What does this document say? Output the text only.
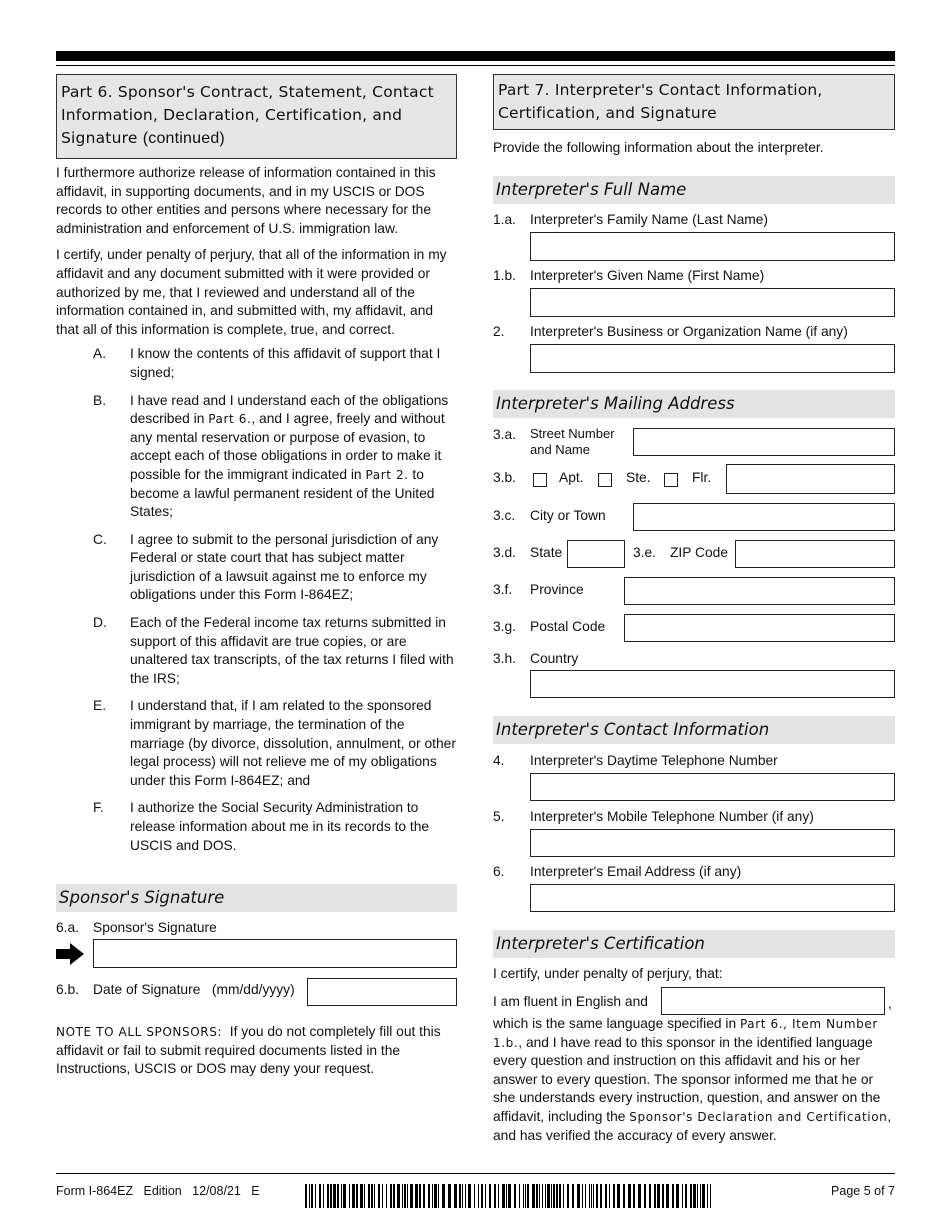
Part 6. Sponsor's Contract, Statement, Contact Information, Declaration, Certification, and Signature (continued)

I furthermore authorize release of information contained in this affidavit, in supporting documents, and in my USCIS or DOS records to other entities and persons where necessary for the administration and enforcement of U.S. immigration law.

I certify, under penalty of perjury, that all of the information in my affidavit and any document submitted with it were provided or authorized by me, that I reviewed and understand all of the information contained in, and submitted with, my affidavit, and that all of this information is complete, true, and correct.

A. I know the contents of this affidavit of support that I signed;
B. I have read and I understand each of the obligations described in Part 6., and I agree, freely and without any mental reservation or purpose of evasion, to accept each of those obligations in order to make it possible for the immigrant indicated in Part 2. to become a lawful permanent resident of the United States;
C. I agree to submit to the personal jurisdiction of any Federal or state court that has subject matter jurisdiction of a lawsuit against me to enforce my obligations under this Form I-864EZ;
D. Each of the Federal income tax returns submitted in support of this affidavit are true copies, or are unaltered tax transcripts, of the tax returns I filed with the IRS;
E. I understand that, if I am related to the sponsored immigrant by marriage, the termination of the marriage (by divorce, dissolution, annulment, or other legal process) will not relieve me of my obligations under this Form I-864EZ; and
F. I authorize the Social Security Administration to release information about me in its records to the USCIS and DOS.
Sponsor's Signature
6.a. Sponsor's Signature
6.b. Date of Signature   (mm/dd/yyyy)

NOTE TO ALL SPONSORS:  If you do not completely fill out this affidavit or fail to submit required documents listed in the Instructions, USCIS or DOS may deny your request.

Part 7. Interpreter's Contact Information, Certification, and Signature

Provide the following information about the interpreter.

Interpreter's Full Name
1.a. Interpreter's Family Name (Last Name)
1.b. Interpreter's Given Name (First Name)
2. Interpreter's Business or Organization Name (if any)
Interpreter's Mailing Address
3.a. Street Number
and Name
3.b.	Apt.	Ste.	Flr.
3.c. City or Town
3.d. State	3.e. ZIP Code
3.f. Province
3.g. Postal Code
3.h. Country
Interpreter's Contact Information
4. Interpreter's Daytime Telephone Number
5. Interpreter's Mobile Telephone Number (if any)
6. Interpreter's Email Address (if any)
Interpreter's Certification

I certify, under penalty of perjury, that:

I am fluent in English and	,

which is the same language specified in Part 6., Item Number 1.b., and I have read to this sponsor in the identified language every question and instruction on this affidavit and his or her answer to every question. The sponsor informed me that he or she understands every instruction, question, and answer on the affidavit, including the Sponsor's Declaration and Certification, and has verified the accuracy of every answer.

Form I-864EZ   Edition   12/08/21   E	Page 5 of 7
